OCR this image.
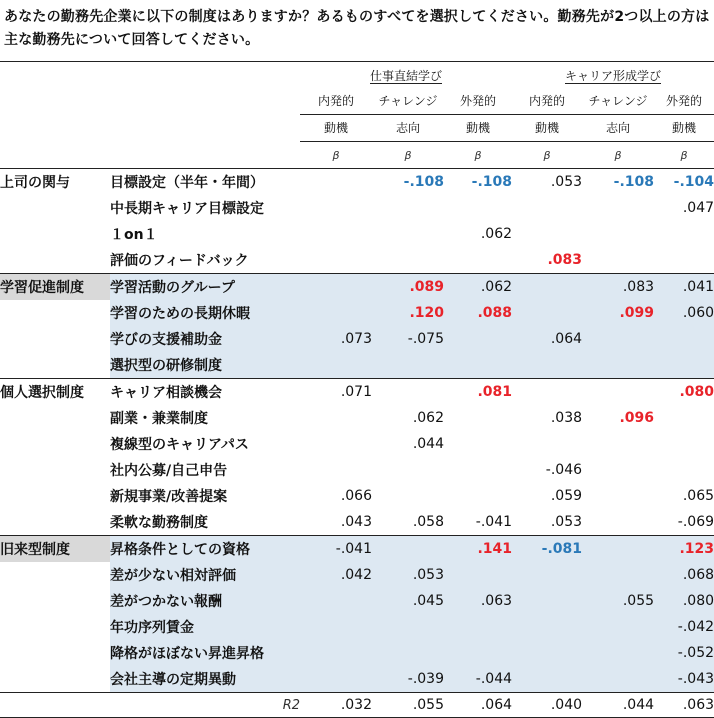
あなたの勤務先企業に以下の制度はありますか？あるものすべてを選択してください。勤務先が2つ以上の方は主な勤務先について回答してください。
		仕事直結学び			キャリア形成学び		
		内発的	チャレンジ	外発的	内発的	チャレンジ	外発的
		動機	志向	動機	動機	志向	動機
		β	β	β	β	β	β
上司の関与	目標設定（半年・年間）		-.108	-.108	.053	-.108	-.104
	中長期キャリア目標設定						.047
	１on１			.062			
	評価のフィードバック				.083		
学習促進制度	学習活動のグループ		.089	.062		.083	.041
	学習のための長期休暇		.120	.088		.099	.060
	学びの支援補助金	.073	-.075		.064		
	選択型の研修制度						
個人選択制度	キャリア相談機会	.071		.081			.080
	副業・兼業制度		.062		.038	.096	
	複線型のキャリアパス		.044				
	社内公募/自己申告				-.046		
	新規事業/改善提案	.066			.059		.065
	柔軟な勤務制度	.043	.058	-.041	.053		-.069
旧来型制度	昇格条件としての資格	-.041		.141	-.081		.123
	差が少ない相対評価	.042	.053				.068
	差がつかない報酬		.045	.063		.055	.080
	年功序列賃金						-.042
	降格がほぼない昇進昇格						-.052
	会社主導の定期異動		-.039	-.044			-.043
	R2	.032	.055	.064	.040	.044	.063
